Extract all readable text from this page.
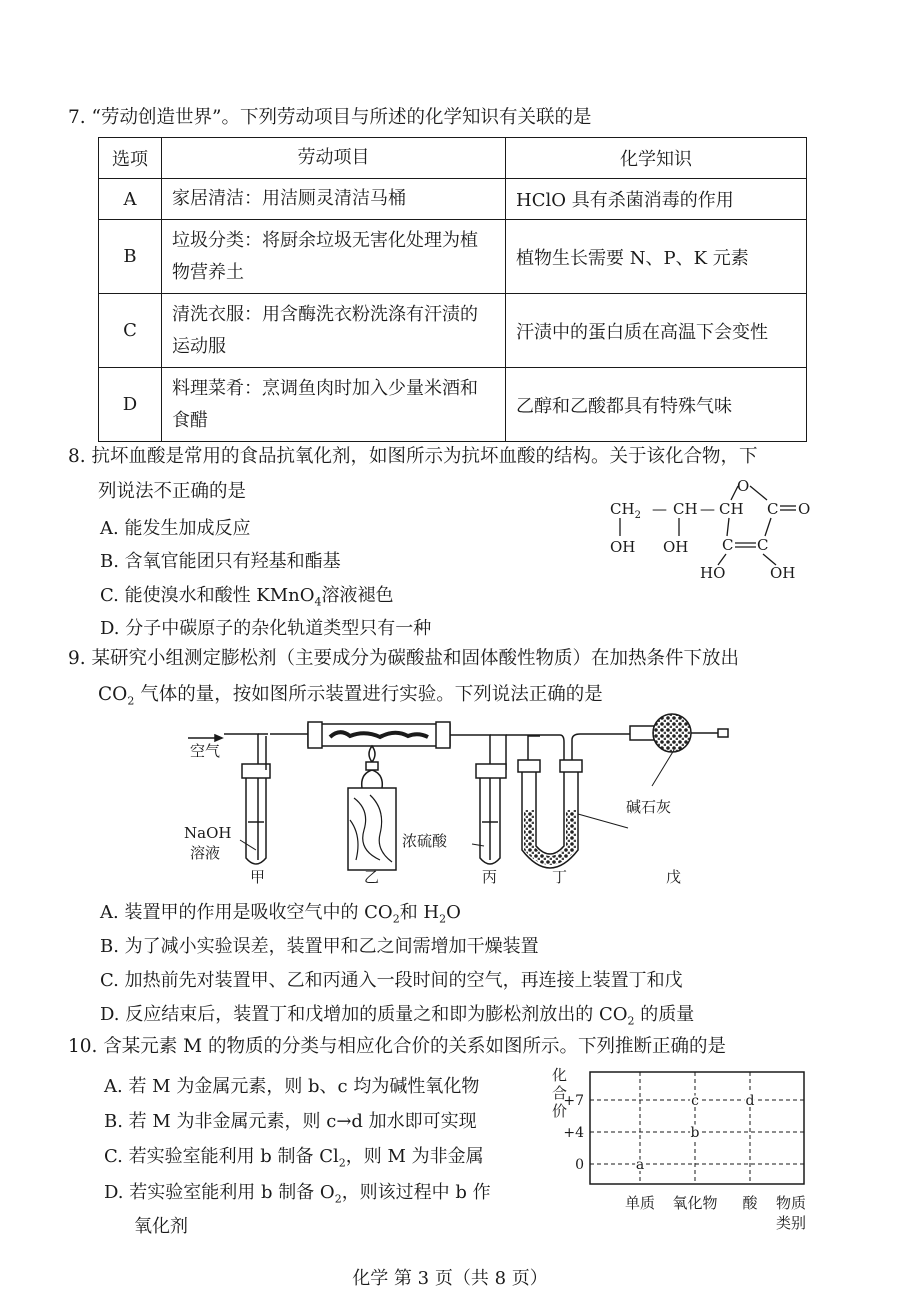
7. “劳动创造世界”。下列劳动项目与所述的化学知识有关联的是
选项	劳动项目	化学知识
A	家居清洁：用洁厕灵清洁马桶	HClO 具有杀菌消毒的作用
B	垃圾分类：将厨余垃圾无害化处理为植物营养土	植物生长需要 N、P、K 元素
C	清洗衣服：用含酶洗衣粉洗涤有汗渍的运动服	汗渍中的蛋白质在高温下会变性
D	料理菜肴：烹调鱼肉时加入少量米酒和食醋	乙醇和乙酸都具有特殊气味
8. 抗坏血酸是常用的食品抗氧化剂，如图所示为抗坏血酸的结构。关于该化合物，下
列说法不正确的是
A. 能发生加成反应
B. 含氧官能团只有羟基和酯基
C. 能使溴水和酸性 KMnO$_4$溶液褪色
D. 分子中碳原子的杂化轨道类型只有一种
$CH_2$ — CH — CH
O
C O
C C
OH OH
HO	OH
9. 某研究小组测定膨松剂（主要成分为碳酸盐和固体酸性物质）在加热条件下放出
$CO_2$ 气体的量，按如图所示装置进行实验。下列说法正确的是
空气
NaOH
溶液
浓硫酸
碱石灰
甲	乙	丙	丁	戊
A. 装置甲的作用是吸收空气中的 $CO_2$和 $H_2O$
B. 为了减小实验误差，装置甲和乙之间需增加干燥装置
C. 加热前先对装置甲、乙和丙通入一段时间的空气，再连接上装置丁和戊
D. 反应结束后，装置丁和戊增加的质量之和即为膨松剂放出的 $CO_2$ 的质量
10. 含某元素 M 的物质的分类与相应化合价的关系如图所示。下列推断正确的是
A. 若 M 为金属元素，则 b、c 均为碱性氧化物
B. 若 M 为非金属元素，则 c→d 加水即可实现
C. 若实验室能利用 b 制备 $Cl_2$，则 M 为非金属
D. 若实验室能利用 b 制备 $O_2$，则该过程中 b 作
氧化剂
化合价
+7
+4
0	a
b
c	d
单质 氧化物 酸 物质
类别
化学 第 3 页（共 8 页）
